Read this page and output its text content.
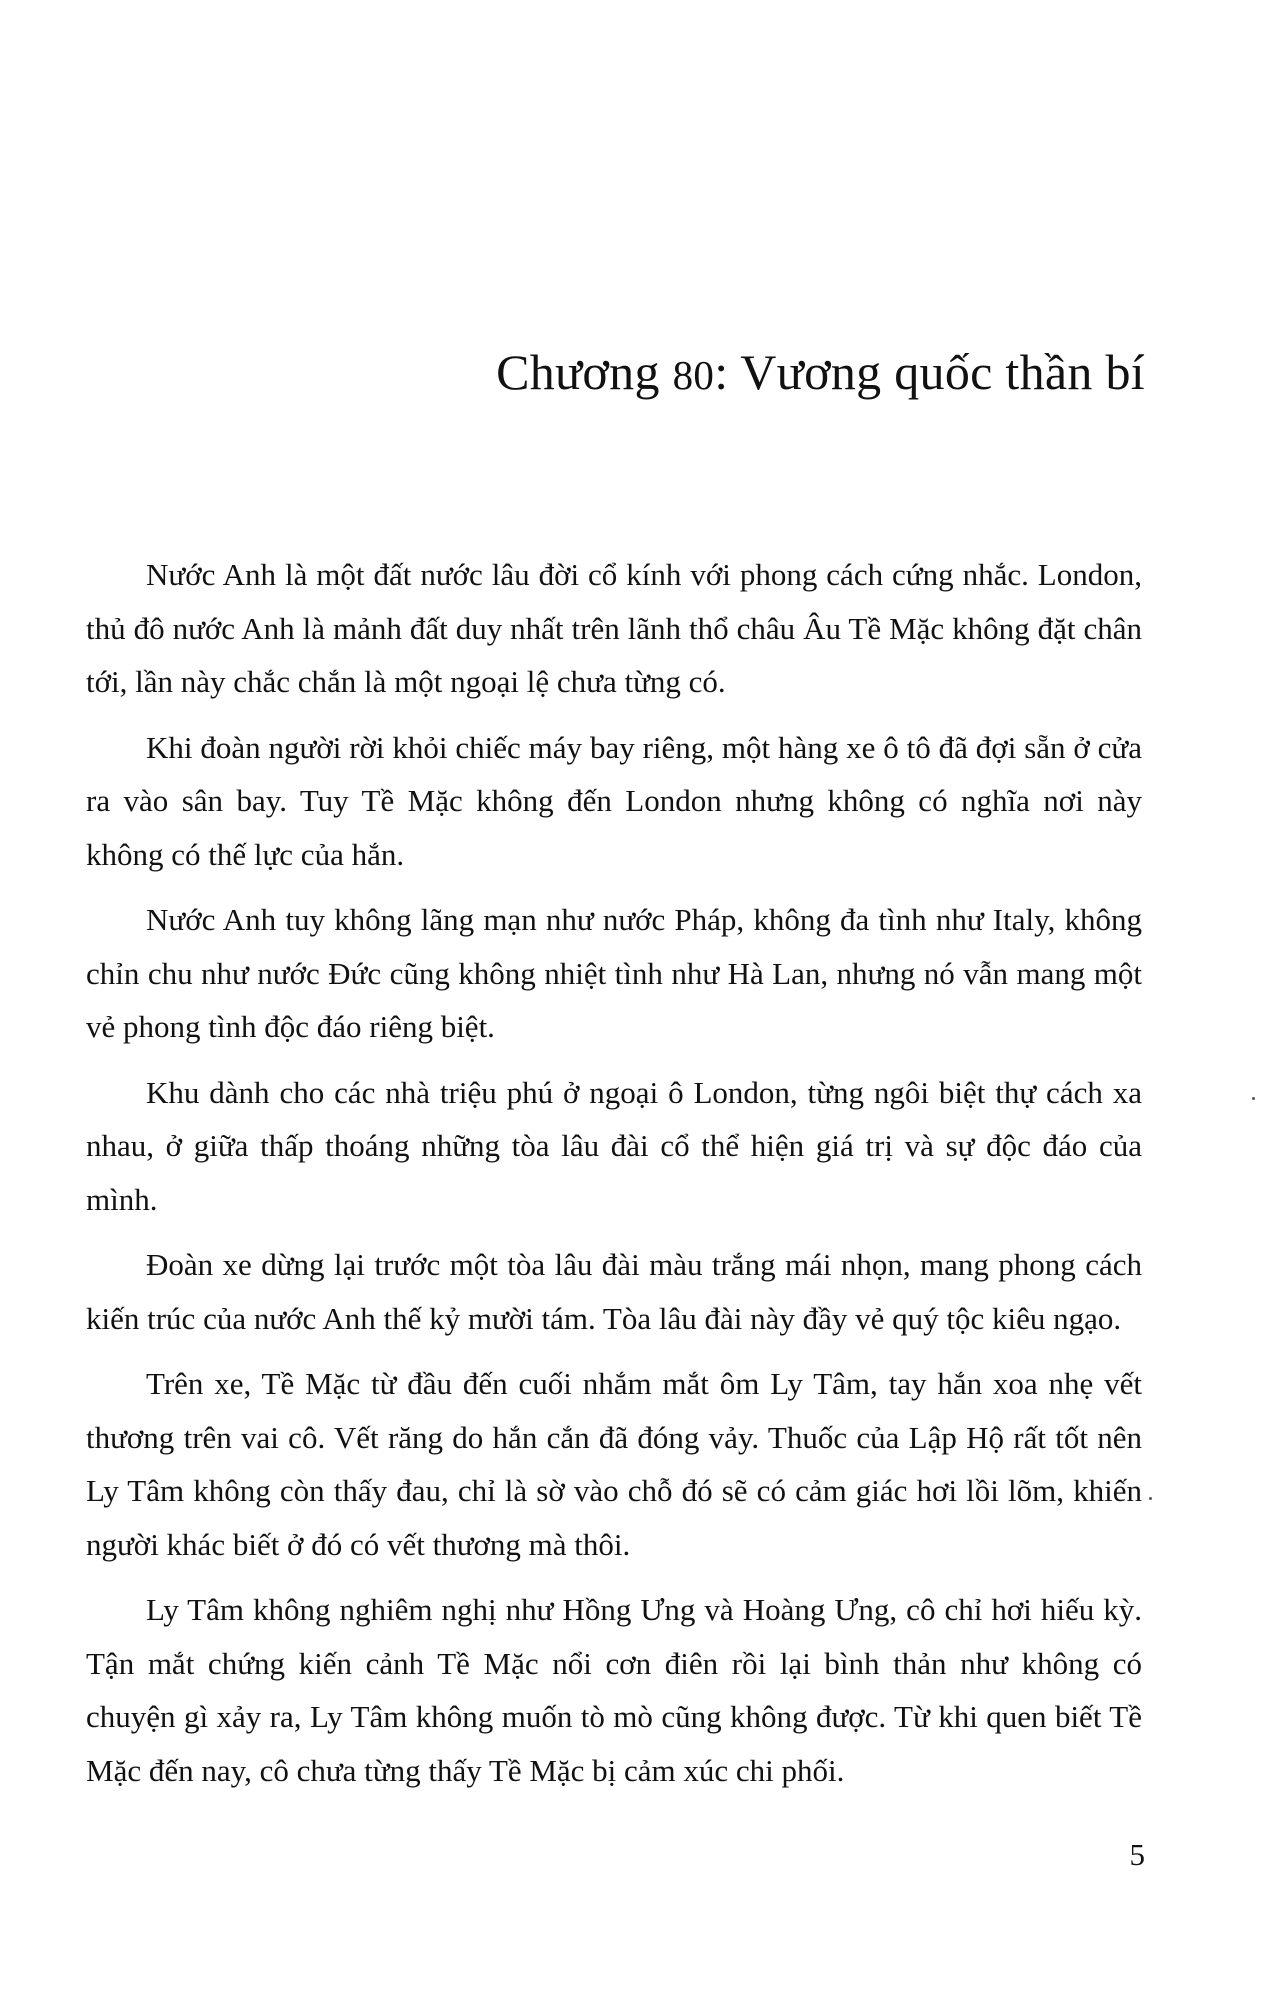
Chương 80: Vương quốc thần bí

Nước Anh là một đất nước lâu đời cổ kính với phong cách cứng nhắc. London, thủ đô nước Anh là mảnh đất duy nhất trên lãnh thổ châu Âu Tề Mặc không đặt chân tới, lần này chắc chắn là một ngoại lệ chưa từng có.

Khi đoàn người rời khỏi chiếc máy bay riêng, một hàng xe ô tô đã đợi sẵn ở cửa ra vào sân bay. Tuy Tề Mặc không đến London nhưng không có nghĩa nơi này không có thế lực của hắn.

Nước Anh tuy không lãng mạn như nước Pháp, không đa tình như Italy, không chỉn chu như nước Đức cũng không nhiệt tình như Hà Lan, nhưng nó vẫn mang một vẻ phong tình độc đáo riêng biệt.

Khu dành cho các nhà triệu phú ở ngoại ô London, từng ngôi biệt thự cách xa nhau, ở giữa thấp thoáng những tòa lâu đài cổ thể hiện giá trị và sự độc đáo của mình.

Đoàn xe dừng lại trước một tòa lâu đài màu trắng mái nhọn, mang phong cách kiến trúc của nước Anh thế kỷ mười tám. Tòa lâu đài này đầy vẻ quý tộc kiêu ngạo.

Trên xe, Tề Mặc từ đầu đến cuối nhắm mắt ôm Ly Tâm, tay hắn xoa nhẹ vết thương trên vai cô. Vết răng do hắn cắn đã đóng vảy. Thuốc của Lập Hộ rất tốt nên Ly Tâm không còn thấy đau, chỉ là sờ vào chỗ đó sẽ có cảm giác hơi lồi lõm, khiến người khác biết ở đó có vết thương mà thôi.

Ly Tâm không nghiêm nghị như Hồng Ưng và Hoàng Ưng, cô chỉ hơi hiếu kỳ. Tận mắt chứng kiến cảnh Tề Mặc nổi cơn điên rồi lại bình thản như không có chuyện gì xảy ra, Ly Tâm không muốn tò mò cũng không được. Từ khi quen biết Tề Mặc đến nay, cô chưa từng thấy Tề Mặc bị cảm xúc chi phối.

5
